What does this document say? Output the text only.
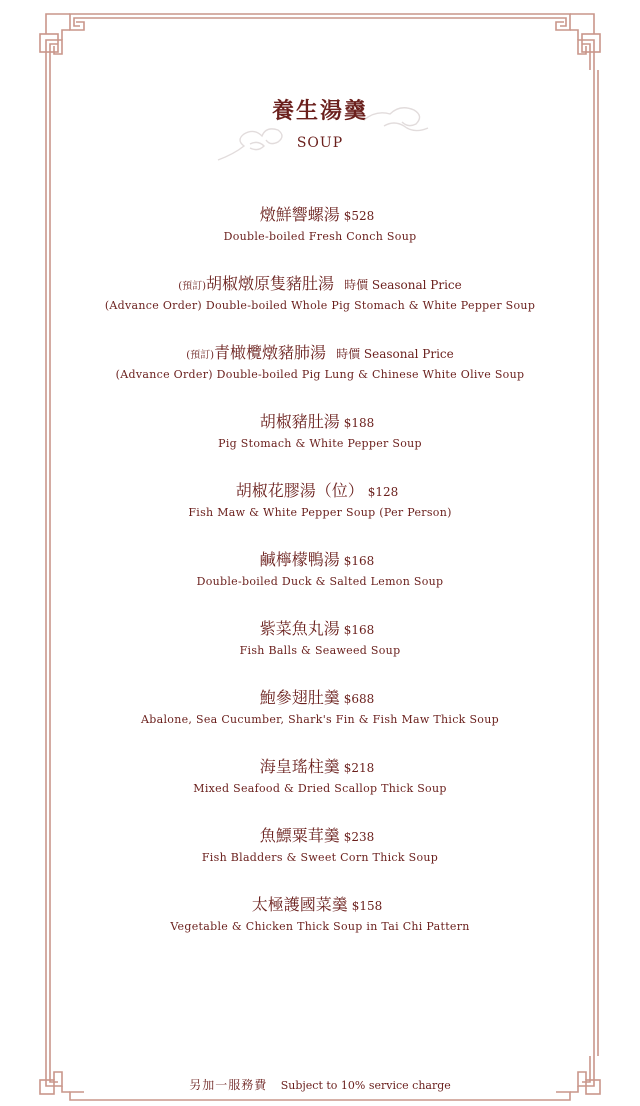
養生湯羹
SOUP
燉鮮響螺湯 $528
Double-boiled Fresh Conch Soup
(預訂)胡椒燉原隻豬肚湯 時價 Seasonal Price
(Advance Order) Double-boiled Whole Pig Stomach & White Pepper Soup
(預訂)青橄欖燉豬肺湯 時價 Seasonal Price
(Advance Order) Double-boiled Pig Lung & Chinese White Olive Soup
胡椒豬肚湯 $188
Pig Stomach & White Pepper Soup
胡椒花膠湯（位） $128
Fish Maw & White Pepper Soup (Per Person)
鹹檸檬鴨湯 $168
Double-boiled Duck & Salted Lemon Soup
紫菜魚丸湯 $168
Fish Balls & Seaweed Soup
鮑參翅肚羹 $688
Abalone, Sea Cucumber, Shark's Fin & Fish Maw Thick Soup
海皇瑤柱羹 $218
Mixed Seafood & Dried Scallop Thick Soup
魚鰾粟茸羹 $238
Fish Bladders & Sweet Corn Thick Soup
太極護國菜羹 $158
Vegetable & Chicken Thick Soup in Tai Chi Pattern
另加一服務費 Subject to 10% service charge
